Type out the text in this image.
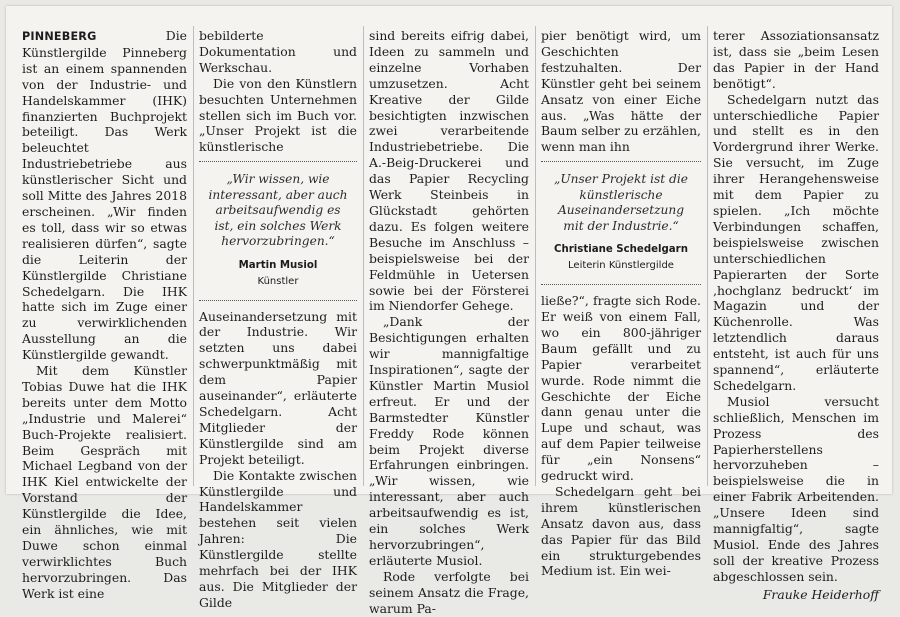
PINNEBERG	Die Künstlergilde Pinneberg ist an einem spannenden von der Industrie- und Handelskammer (IHK) finanzierten Buchprojekt beteiligt. Das Werk beleuchtet Industriebetriebe aus künstlerischer Sicht und soll Mitte des Jahres 2018 erscheinen. „Wir finden es toll, dass wir so etwas realisieren dürfen“, sagte die Leiterin der Künstlergilde Christiane Schedelgarn. Die IHK hatte sich im Zuge einer zu verwirklichenden Ausstellung an die Künstlergilde gewandt.

Mit dem Künstler Tobias Duwe hat die IHK bereits unter dem Motto „Industrie und Malerei“ Buch-Projekte realisiert. Beim Gespräch mit Michael Legband von der IHK Kiel entwickelte der Vorstand der Künstlergilde die Idee, ein ähnliches, wie mit Duwe schon einmal verwirklichtes Buch hervorzubringen. Das Werk ist eine

bebilderte Dokumentation und Werkschau.

Die von den Künstlern besuchten Unternehmen stellen sich im Buch vor. „Unser Projekt ist die künstlerische

„Wir wissen, wie interessant, aber auch arbeitsaufwendig es ist, ein solches Werk hervorzubringen.“
Martin Musiol
Künstler

Auseinandersetzung mit der Industrie. Wir setzten uns dabei schwerpunktmäßig mit dem Papier auseinander“, erläuterte Schedelgarn. Acht Mitglieder der Künstlergilde sind am Projekt beteiligt.

Die Kontakte zwischen Künstlergilde und Handelskammer bestehen seit vielen Jahren: Die Künstlergilde stellte mehrfach bei der IHK aus. Die Mitglieder der Gilde

sind bereits eifrig dabei, Ideen zu sammeln und einzelne Vorhaben umzusetzen. Acht Kreative der Gilde besichtigten inzwischen zwei verarbeitende Industriebetriebe. Die A.-Beig-Druckerei und das Papier Recycling Werk Steinbeis in Glückstadt gehörten dazu. Es folgen weitere Besuche im Anschluss – beispielsweise bei der Feldmühle in Uetersen sowie bei der Försterei im Niendorfer Gehege.

„Dank der Besichtigungen erhalten wir mannigfaltige Inspirationen“, sagte der Künstler Martin Musiol erfreut. Er und der Barmstedter Künstler Freddy Rode können beim Projekt diverse Erfahrungen einbringen. „Wir wissen, wie interessant, aber auch arbeitsaufwendig es ist, ein solches Werk hervorzubringen“, erläuterte Musiol.

Rode verfolgte bei seinem Ansatz die Frage, warum Pa-

pier benötigt wird, um Geschichten festzuhalten. Der Künstler geht bei seinem Ansatz von einer Eiche aus. „Was hätte der Baum selber zu erzählen, wenn man ihn

„Unser Projekt ist die künstlerische Auseinandersetzung mit der Industrie.“
Christiane Schedelgarn
Leiterin Künstlergilde

ließe?“, fragte sich Rode. Er weiß von einem Fall, wo ein 800-jähriger Baum gefällt und zu Papier verarbeitet wurde. Rode nimmt die Geschichte der Eiche dann genau unter die Lupe und schaut, was auf dem Papier teilweise für „ein Nonsens“ gedruckt wird.

Schedelgarn geht bei ihrem künstlerischen Ansatz davon aus, dass das Papier für das Bild ein strukturgebendes Medium ist. Ein wei-

terer Assoziationsansatz ist, dass sie „beim Lesen das Papier in der Hand benötigt“.

Schedelgarn nutzt das unterschiedliche Papier und stellt es in den Vordergrund ihrer Werke. Sie versucht, im Zuge ihrer Herangehensweise mit dem Papier zu spielen. „Ich möchte Verbindungen schaffen, beispielsweise zwischen unterschiedlichen Papierarten der Sorte ‚hochglanz bedruckt‘ im Magazin und der Küchenrolle. Was letztendlich daraus entsteht, ist auch für uns spannend“, erläuterte Schedelgarn.

Musiol versucht schließlich, Menschen im Prozess des Papierherstellens hervorzuheben – beispielsweise die in einer Fabrik Arbeitenden. „Unsere Ideen sind mannigfaltig“, sagte Musiol. Ende des Jahres soll der kreative Prozess abgeschlossen sein.

Frauke Heiderhoff
